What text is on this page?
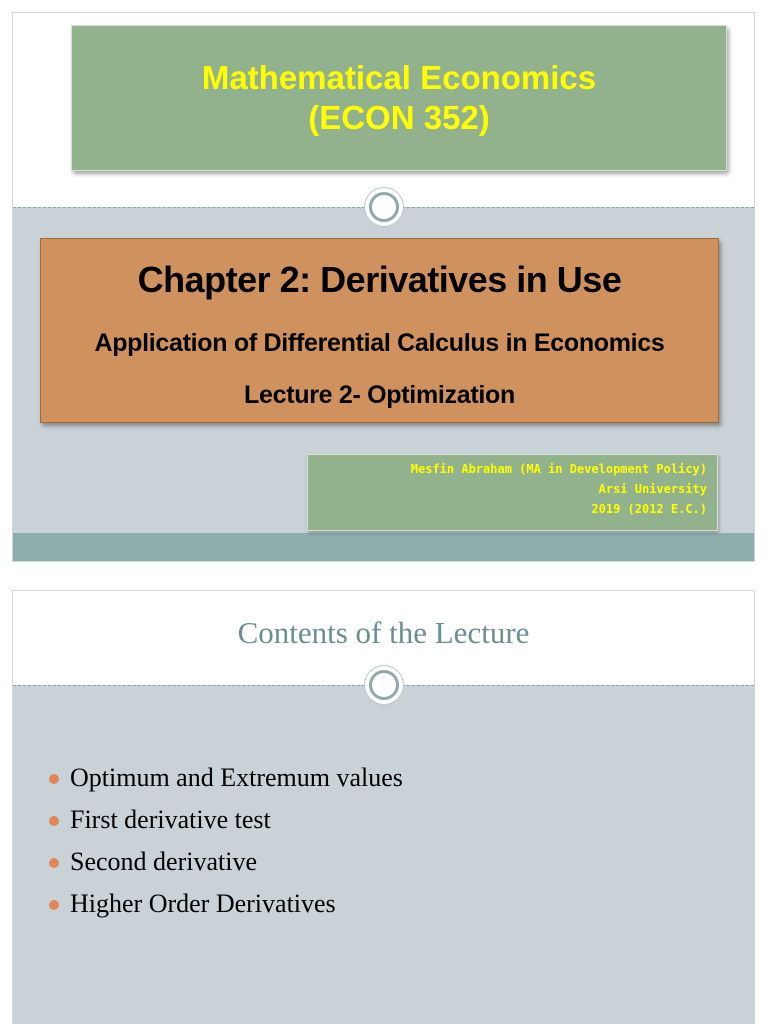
Mathematical Economics
(ECON 352)
Chapter 2: Derivatives in Use
Application of Differential Calculus in Economics
Lecture 2- Optimization
Mesfin Abraham (MA in Development Policy)
Arsi University
2019 (2012 E.C.)
Contents of the Lecture
Optimum and Extremum values
First derivative test
Second derivative
Higher Order Derivatives
